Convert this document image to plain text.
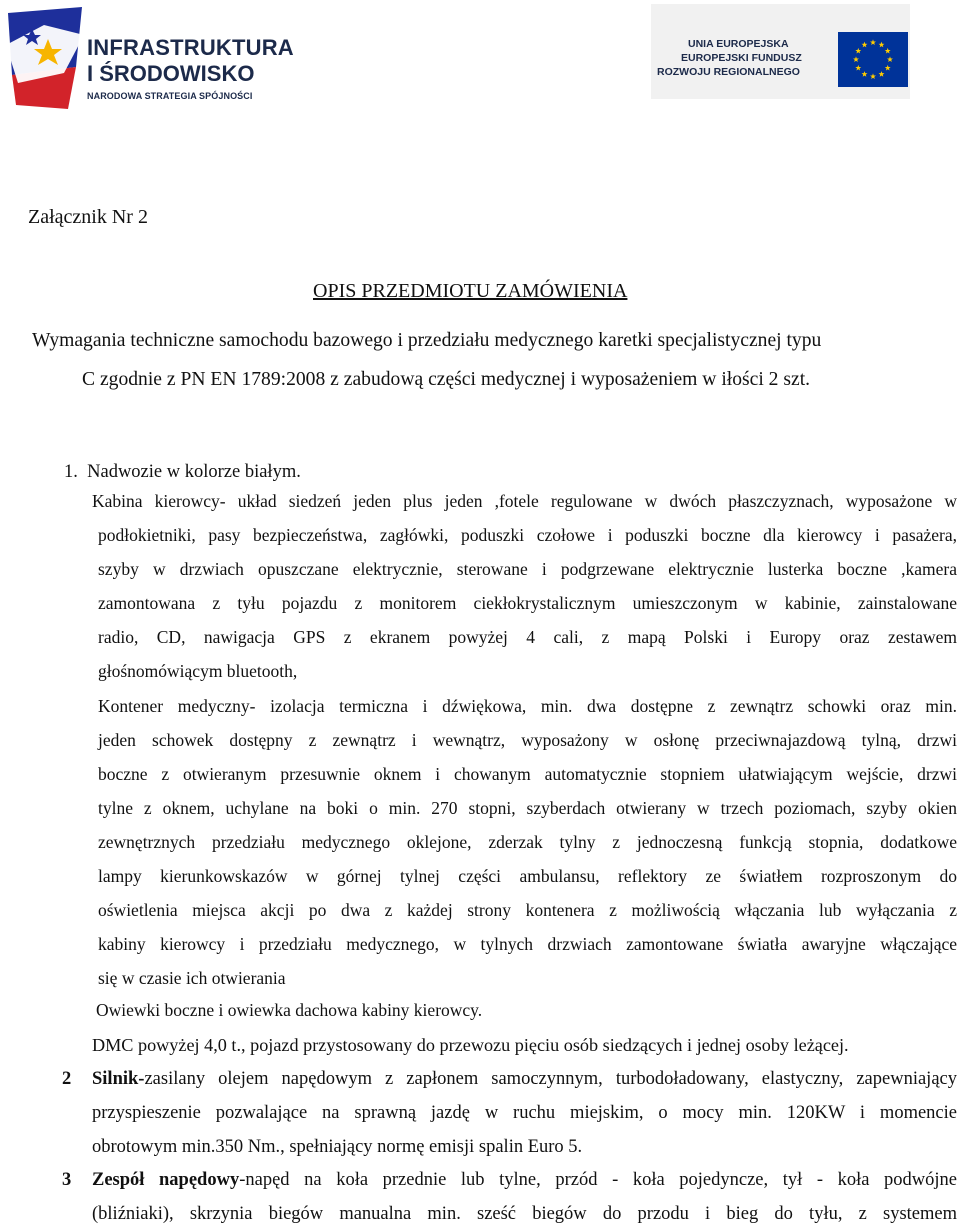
INFRASTRUKTURA
I ŚRODOWISKO
NARODOWA STRATEGIA SPÓJNOŚCI
UNIA EUROPEJSKA
EUROPEJSKI FUNDUSZ
ROZWOJU REGIONALNEGO
Załącznik Nr 2
OPIS PRZEDMIOTU ZAMÓWIENIA
Wymagania techniczne samochodu bazowego i przedziału medycznego karetki specjalistycznej typu
C zgodnie z PN EN 1789:2008 z zabudową części medycznej i wyposażeniem w iłości 2 szt.
1.  Nadwozie w kolorze białym.
Kabina kierowcy- układ siedzeń jeden plus jeden ,fotele regulowane w dwóch płaszczyznach, wyposażone w
podłokietniki, pasy bezpieczeństwa, zagłówki, poduszki czołowe i poduszki boczne dla kierowcy i pasażera,
szyby w drzwiach opuszczane elektrycznie, sterowane i podgrzewane elektrycznie lusterka boczne ,kamera
zamontowana z tyłu pojazdu z monitorem ciekłokrystalicznym umieszczonym w kabinie, zainstalowane
radio, CD, nawigacja GPS z ekranem powyżej 4 cali, z mapą Polski i Europy oraz zestawem
głośnomówiącym bluetooth,
Kontener medyczny- izolacja termiczna i dźwiękowa, min. dwa dostępne z zewnątrz schowki oraz min.
jeden schowek dostępny z zewnątrz i wewnątrz, wyposażony w osłonę przeciwnajazdową tylną, drzwi
boczne z otwieranym przesuwnie oknem i chowanym automatycznie stopniem ułatwiającym wejście, drzwi
tylne z oknem, uchylane na boki o min. 270 stopni, szyberdach otwierany w trzech poziomach, szyby okien
zewnętrznych przedziału medycznego oklejone, zderzak tylny z jednoczesną funkcją stopnia, dodatkowe
lampy kierunkowskazów w górnej tylnej części ambulansu, reflektory ze światłem rozproszonym do
oświetlenia miejsca akcji po dwa z każdej strony kontenera z możliwością włączania lub wyłączania z
kabiny kierowcy i przedziału medycznego, w tylnych drzwiach zamontowane światła awaryjne włączające
się w czasie ich otwierania
Owiewki boczne i owiewka dachowa kabiny kierowcy.
DMC powyżej 4,0 t., pojazd przystosowany do przewozu pięciu osób siedzących i jednej osoby leżącej.
2 Silnik-zasilany olejem napędowym z zapłonem samoczynnym, turbodoładowany, elastyczny, zapewniający
przyspieszenie pozwalające na sprawną jazdę w ruchu miejskim, o mocy min. 120KW i momencie
obrotowym min.350 Nm., spełniający normę emisji spalin Euro 5.
3 Zespół napędowy-napęd na koła przednie lub tylne, przód - koła pojedyncze, tył - koła podwójne
(bliźniaki), skrzynia biegów manualna min. sześć biegów do przodu i bieg do tyłu, z systemem
